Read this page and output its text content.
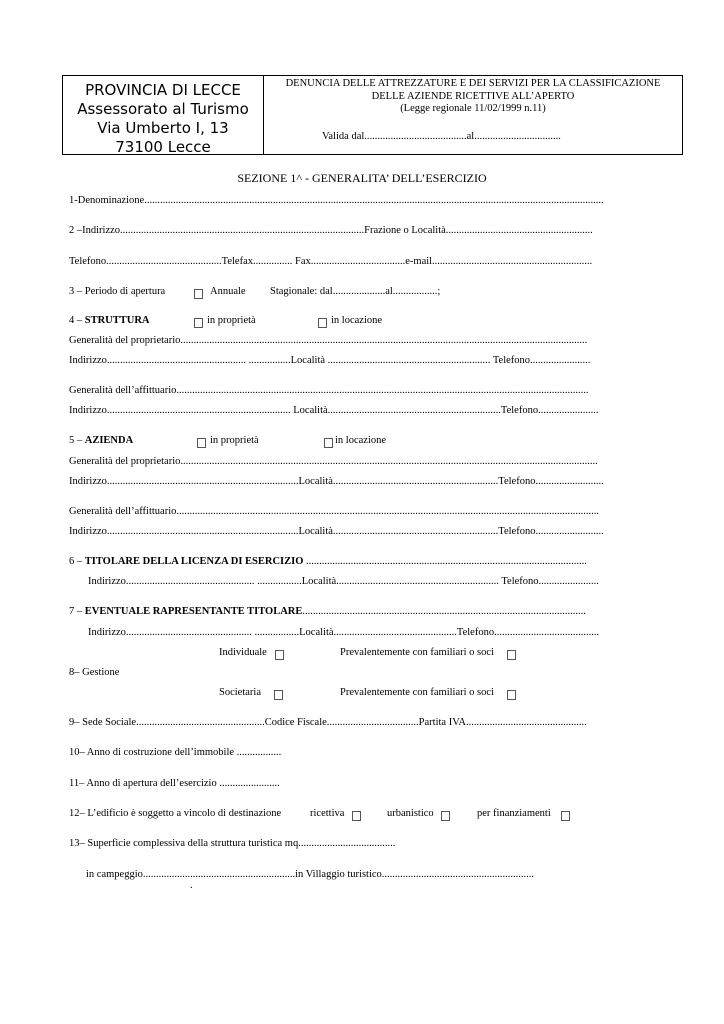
PROVINCIA DI LECCE
Assessorato al Turismo
Via Umberto I, 13
73100 Lecce
DENUNCIA DELLE ATTREZZATURE E DEI SERVIZI PER LA CLASSIFICAZIONE
DELLE AZIENDE RICETTIVE ALL’APERTO
(Legge regionale 11/02/1999 n.11)
Valida dal.......................................al.................................
SEZIONE 1^ - GENERALITA’ DELL’ESERCIZIO
1-Denominazione...............................................................................................................................................................................
2 –Indirizzo.............................................................................................Frazione o Località........................................................
Telefono............................................Telefax............... Fax....................................e-mail.............................................................
3 – Periodo di apertura	Annuale Stagionale: dal....................al.................;
4 – STRUTTURA	in proprietà	in locazione
Generalità del proprietario...........................................................................................................................................................
Indirizzo..................................................... ................Località .............................................................. Telefono.......................
Generalità dell’affittuario.............................................................................................................................................................
Indirizzo...................................................................... Località..................................................................Telefono.......................
5 – AZIENDA	in proprietà	in locazione
Generalità del proprietario...............................................................................................................................................................
Indirizzo.........................................................................Località...............................................................Telefono..........................
Generalità dell’affittuario.................................................................................................................................................................
Indirizzo.........................................................................Località...............................................................Telefono..........................
6 – TITOLARE DELLA LICENZA DI ESERCIZIO ...........................................................................................................
Indirizzo................................................. .................Località.............................................................. Telefono.......................
7 – EVENTUALE RAPRESENTANTE TITOLARE............................................................................................................
Indirizzo................................................ .................Località...............................................Telefono........................................
Individuale	Prevalentemente con familiari o soci
8– Gestione
Societaria	Prevalentemente con familiari o soci
9– Sede Sociale.................................................Codice Fiscale...................................Partita IVA..............................................
10– Anno di costruzione dell’immobile .................
11– Anno di apertura dell’esercizio .......................
12– L’edificio è soggetto a vincolo di destinazione	ricettiva	urbanistico	per finanziamenti
13– Superficie complessiva della struttura turistica mq.....................................
in campeggio..........................................................in Villaggio turistico..........................................................
.
